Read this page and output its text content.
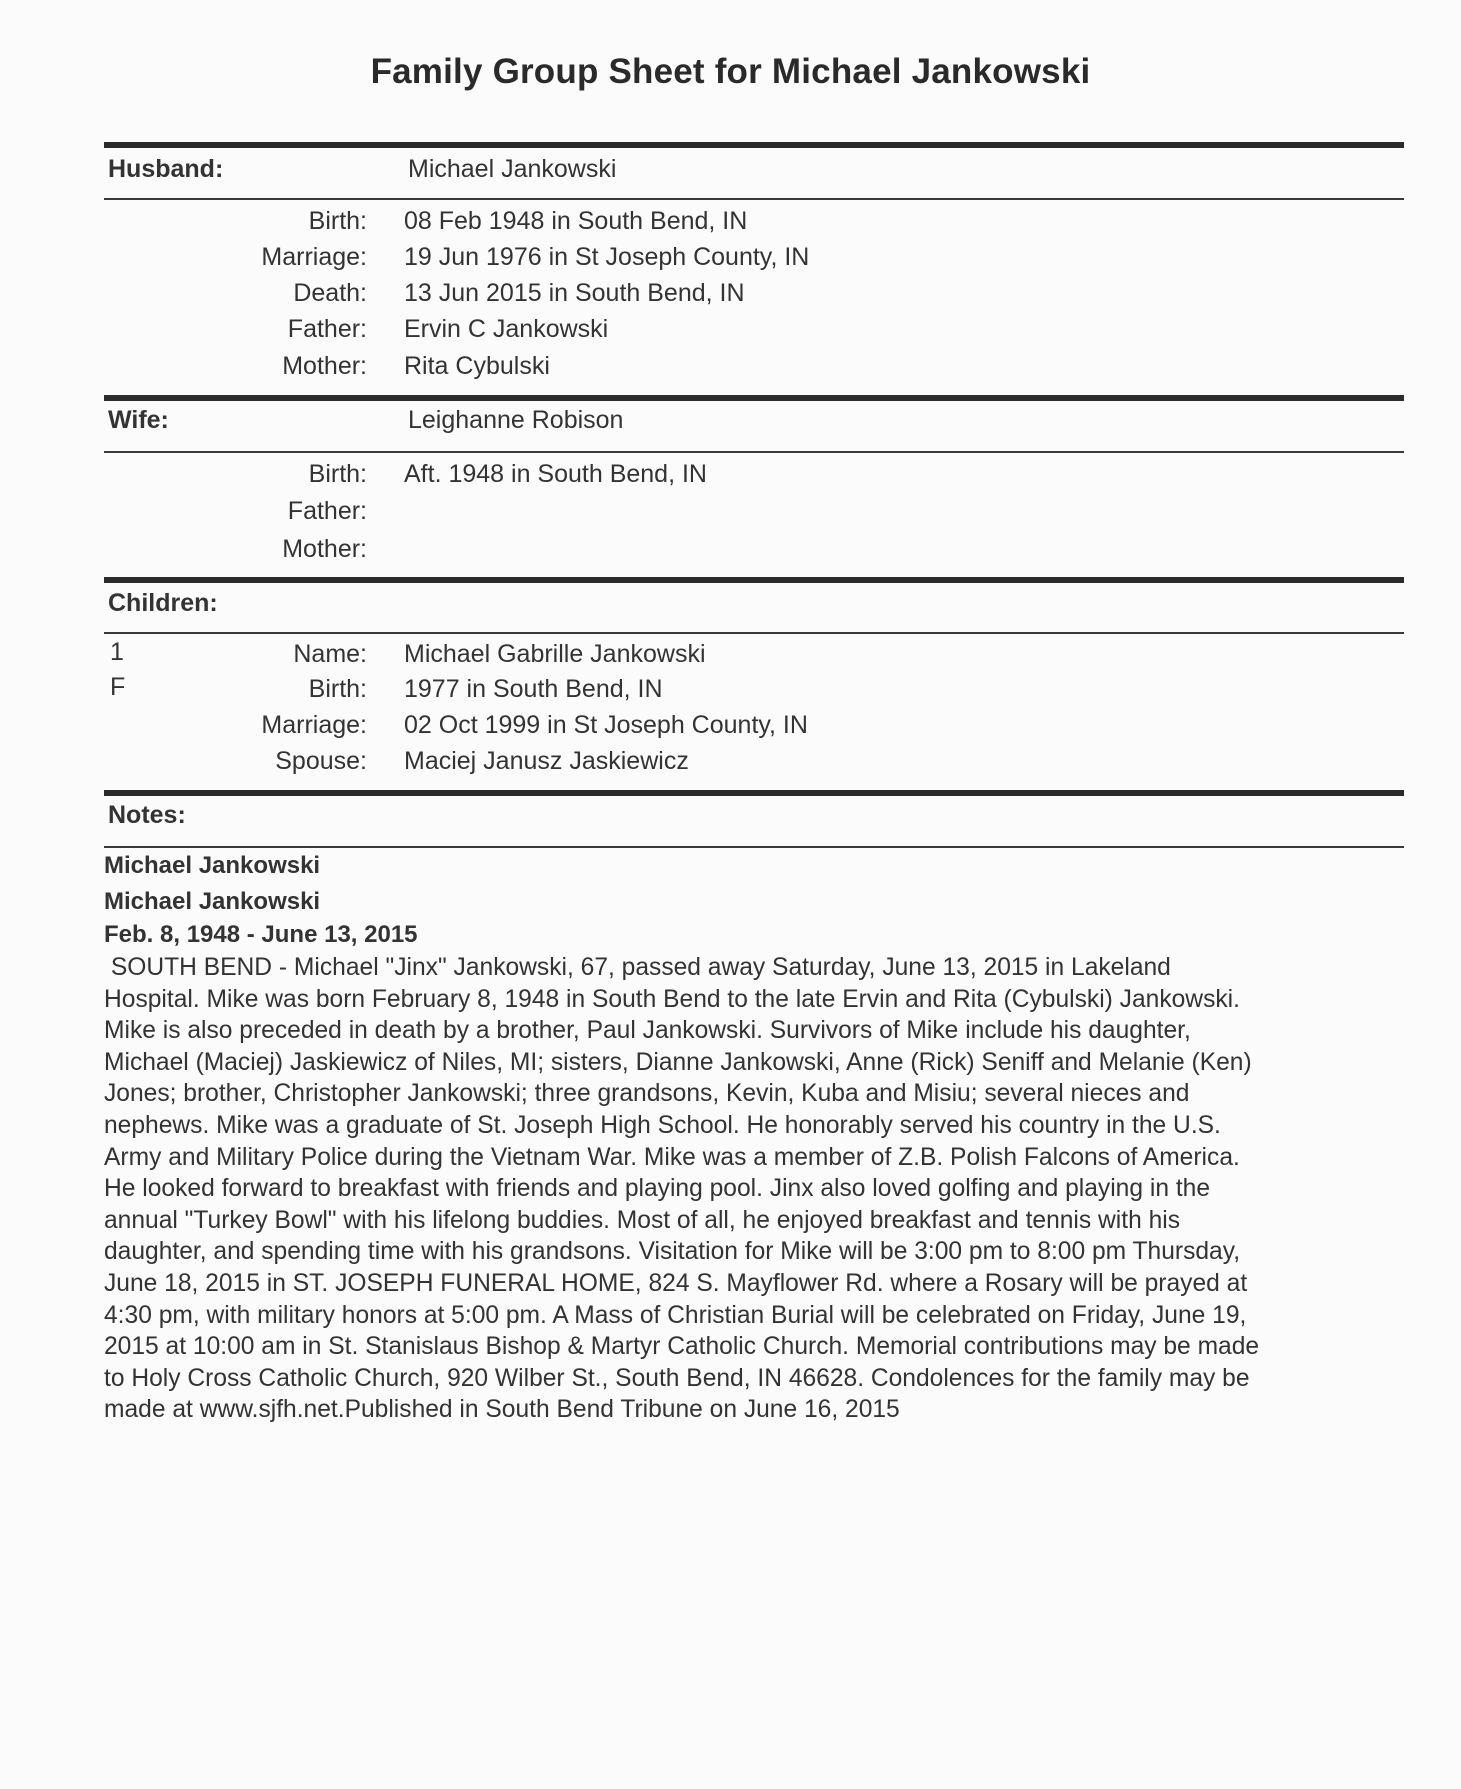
Family Group Sheet for Michael Jankowski
Husband:	Michael Jankowski
Birth: 08 Feb 1948 in South Bend, IN
Marriage: 19 Jun 1976 in St Joseph County, IN
Death: 13 Jun 2015 in South Bend, IN
Father: Ervin C Jankowski
Mother: Rita Cybulski
Wife:	Leighanne Robison
Birth: Aft. 1948 in South Bend, IN
Father:
Mother:
Children:
1
F
Name: Michael Gabrille Jankowski
Birth: 1977 in South Bend, IN
Marriage: 02 Oct 1999 in St Joseph County, IN
Spouse: Maciej Janusz Jaskiewicz
Notes:
Michael Jankowski
Michael Jankowski
Feb. 8, 1948 - June 13, 2015
SOUTH BEND - Michael "Jinx" Jankowski, 67, passed away Saturday, June 13, 2015 in Lakeland
Hospital. Mike was born February 8, 1948 in South Bend to the late Ervin and Rita (Cybulski) Jankowski.
Mike is also preceded in death by a brother, Paul Jankowski. Survivors of Mike include his daughter,
Michael (Maciej) Jaskiewicz of Niles, MI; sisters, Dianne Jankowski, Anne (Rick) Seniff and Melanie (Ken)
Jones; brother, Christopher Jankowski; three grandsons, Kevin, Kuba and Misiu; several nieces and
nephews. Mike was a graduate of St. Joseph High School. He honorably served his country in the U.S.
Army and Military Police during the Vietnam War. Mike was a member of Z.B. Polish Falcons of America.
He looked forward to breakfast with friends and playing pool. Jinx also loved golfing and playing in the
annual "Turkey Bowl" with his lifelong buddies. Most of all, he enjoyed breakfast and tennis with his
daughter, and spending time with his grandsons. Visitation for Mike will be 3:00 pm to 8:00 pm Thursday,
June 18, 2015 in ST. JOSEPH FUNERAL HOME, 824 S. Mayflower Rd. where a Rosary will be prayed at
4:30 pm, with military honors at 5:00 pm. A Mass of Christian Burial will be celebrated on Friday, June 19,
2015 at 10:00 am in St. Stanislaus Bishop & Martyr Catholic Church. Memorial contributions may be made
to Holy Cross Catholic Church, 920 Wilber St., South Bend, IN 46628. Condolences for the family may be
made at www.sjfh.net.Published in South Bend Tribune on June 16, 2015
